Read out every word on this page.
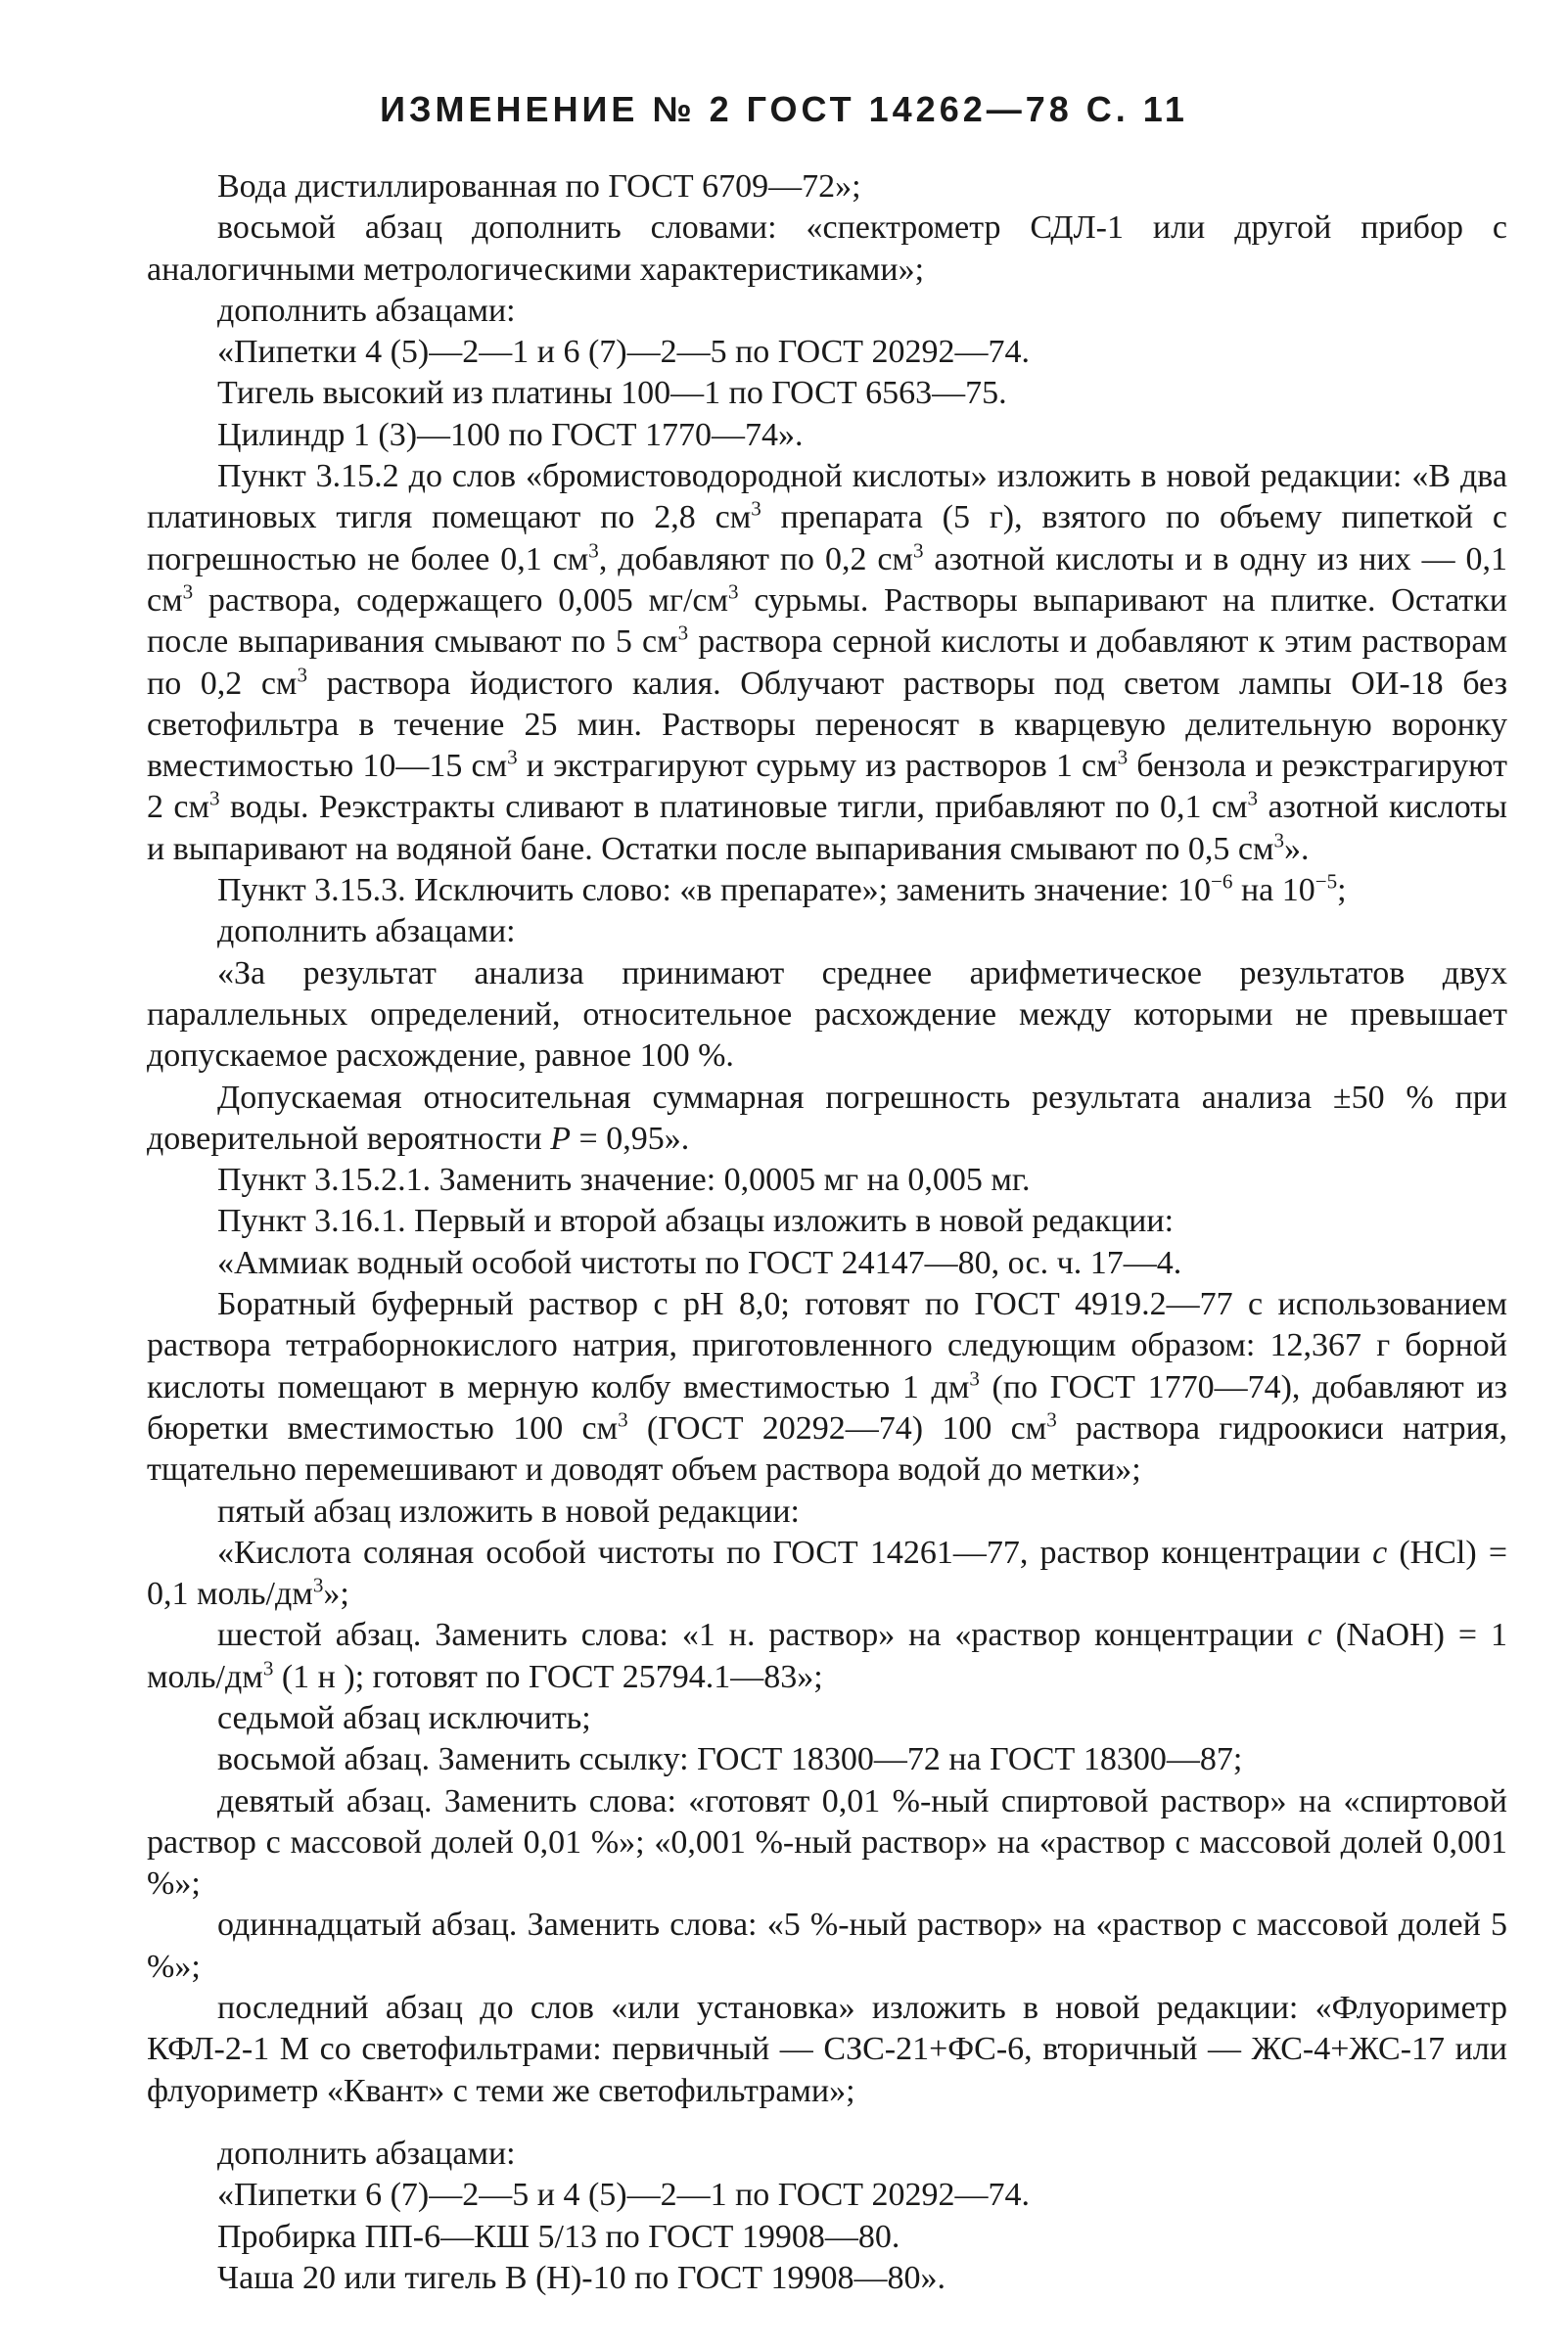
ИЗМЕНЕНИЕ № 2 ГОСТ 14262—78 С. 11

Вода дистиллированная по ГОСТ 6709—72»;

восьмой абзац дополнить словами: «спектрометр СДЛ-1 или другой прибор с аналогичными метрологическими характеристиками»;

дополнить абзацами:

«Пипетки 4 (5)—2—1 и 6 (7)—2—5 по ГОСТ 20292—74.

Тигель высокий из платины 100—1 по ГОСТ 6563—75.

Цилиндр 1 (3)—100 по ГОСТ 1770—74».

Пункт 3.15.2 до слов «бромистоводородной кислоты» изложить в новой редакции: «В два платиновых тигля помещают по 2,8 $см^3$ препарата (5 г), взятого по объему пипеткой с погрешностью не более 0,1 $см^3$, добавляют по 0,2 $см^3$ азотной кислоты и в одну из них — 0,1 $см^3$ раствора, содержащего 0,005 $мг/см^3$ сурьмы. Растворы выпаривают на плитке. Остатки после выпаривания смывают по 5 $см^3$ раствора серной кислоты и добавляют к этим растворам по 0,2 $см^3$ раствора йодистого калия. Облучают растворы под светом лампы ОИ-18 без светофильтра в течение 25 мин. Растворы переносят в кварцевую делительную воронку вместимостью 10—15 $см^3$ и экстрагируют сурьму из растворов 1 $см^3$ бензола и реэкстрагируют 2 $см^3$ воды. Реэкстракты сливают в платиновые тигли, прибавляют по 0,1 $см^3$ азотной кислоты и выпаривают на водяной бане. Остатки после выпаривания смывают по 0,5 $см^3$».

Пункт 3.15.3. Исключить слово: «в препарате»; заменить значение: $10^{-6}$ на $10^{-5}$;

дополнить абзацами:

«За результат анализа принимают среднее арифметическое результатов двух параллельных определений, относительное расхождение между которыми не превышает допускаемое расхождение, равное 100 %.

Допускаемая относительная суммарная погрешность результата анализа ±50 % при доверительной вероятности P = 0,95».

Пункт 3.15.2.1. Заменить значение: 0,0005 мг на 0,005 мг.

Пункт 3.16.1. Первый и второй абзацы изложить в новой редакции:

«Аммиак водный особой чистоты по ГОСТ 24147—80, ос. ч. 17—4.

Боратный буферный раствор с рН 8,0; готовят по ГОСТ 4919.2—77 с использованием раствора тетраборнокислого натрия, приготовленного следующим образом: 12,367 г борной кислоты помещают в мерную колбу вместимостью 1 $дм^3$ (по ГОСТ 1770—74), добавляют из бюретки вместимостью 100 $см^3$ (ГОСТ 20292—74) 100 $см^3$ раствора гидроокиси натрия, тщательно перемешивают и доводят объем раствора водой до метки»;

пятый абзац изложить в новой редакции:

«Кислота соляная особой чистоты по ГОСТ 14261—77, раствор концентрации с (HCl) = 0,1 моль/$дм^3$»;

шестой абзац. Заменить слова: «1 н. раствор» на «раствор концентрации с (NaOH) = 1 моль/$дм^3$ (1 н ); готовят по ГОСТ 25794.1—83»;

седьмой абзац исключить;

восьмой абзац. Заменить ссылку: ГОСТ 18300—72 на ГОСТ 18300—87;

девятый абзац. Заменить слова: «готовят 0,01 %-ный спиртовой раствор» на «спиртовой раствор с массовой долей 0,01 %»; «0,001 %-ный раствор» на «раствор с массовой долей 0,001 %»;

одиннадцатый абзац. Заменить слова: «5 %-ный раствор» на «раствор с массовой долей 5 %»;

последний абзац до слов «или установка» изложить в новой редакции: «Флуориметр КФЛ-2-1 М со светофильтрами: первичный — СЗС-21+ФС-6, вторичный — ЖС-4+ЖС-17 или флуориметр «Квант» с теми же светофильтрами»;

дополнить абзацами:

«Пипетки 6 (7)—2—5 и 4 (5)—2—1 по ГОСТ 20292—74.

Пробирка ПП-6—КШ 5/13 по ГОСТ 19908—80.

Чаша 20 или тигель В (Н)-10 по ГОСТ 19908—80».
